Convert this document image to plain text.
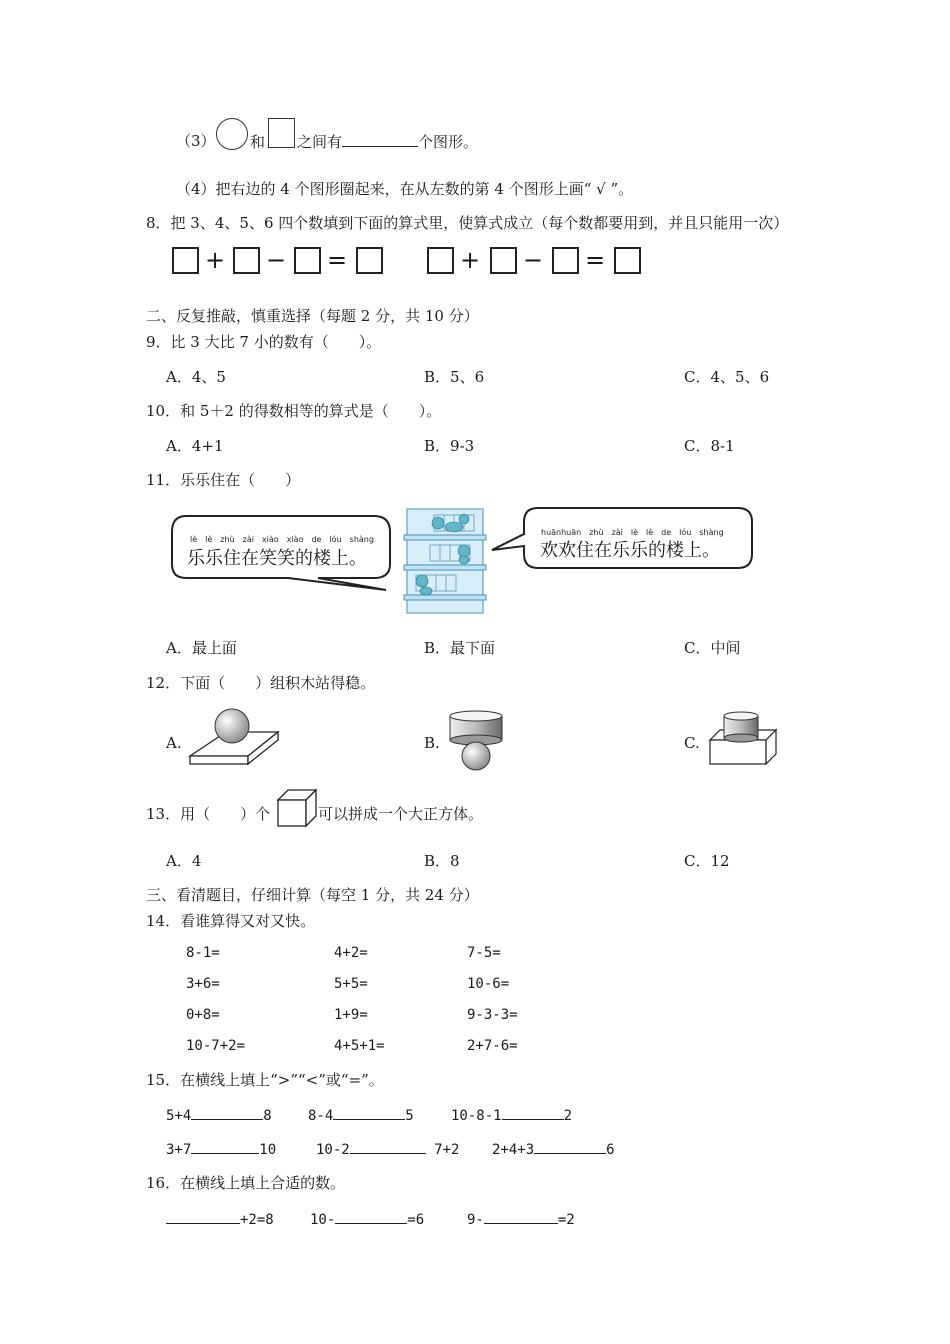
（3） 和 之间有	个图形。
（4）把右边的 4 个图形圈起来，在从左数的第 4 个图形上画“ √ ”。
8．把 3、4、5、6 四个数填到下面的算式里，使算式成立（每个数都要用到，并且只能用一次）
+ − =	+ − =
二、反复推敲，慎重选择（每题 2 分，共 10 分）
9．比 3 大比 7 小的数有（　　）。
A．4、5	B．5、6	C．4、5、6
10．和 5＋2 的得数相等的算式是（　　）。
A．4+1	B．9-3	C．8-1
11．乐乐住在（　　）
lè　lè　zhù　zài　xiào　xiào　de　lóu　shàng
乐乐住在笑笑的楼上。
huānhuān　zhù　zài　lè　lè　de　lóu　shàng
欢欢住在乐乐的楼上。
A．最上面	B．最下面	C．中间
12．下面（　　）组积木站得稳。
A.	B.	C.
13．用（　　）个	可以拼成一个大正方体。
A．4	B．8	C．12
三、看清题目，仔细计算（每空 1 分，共 24 分）
14．看谁算得又对又快。
8-1=	4+2=	7-5=
3+6=	5+5=	10-6=
0+8=	1+9=	9-3-3=
10-7+2=	4+5+1=	2+7-6=
15．在横线上填上“>”“<”或“=”。
5+4	8	8-4	5	10-8-1	2
3+7	10	10-2	7+2 2+4+3	6
16．在横线上填上合适的数。
+2=8	10-	=6	9-	=2
